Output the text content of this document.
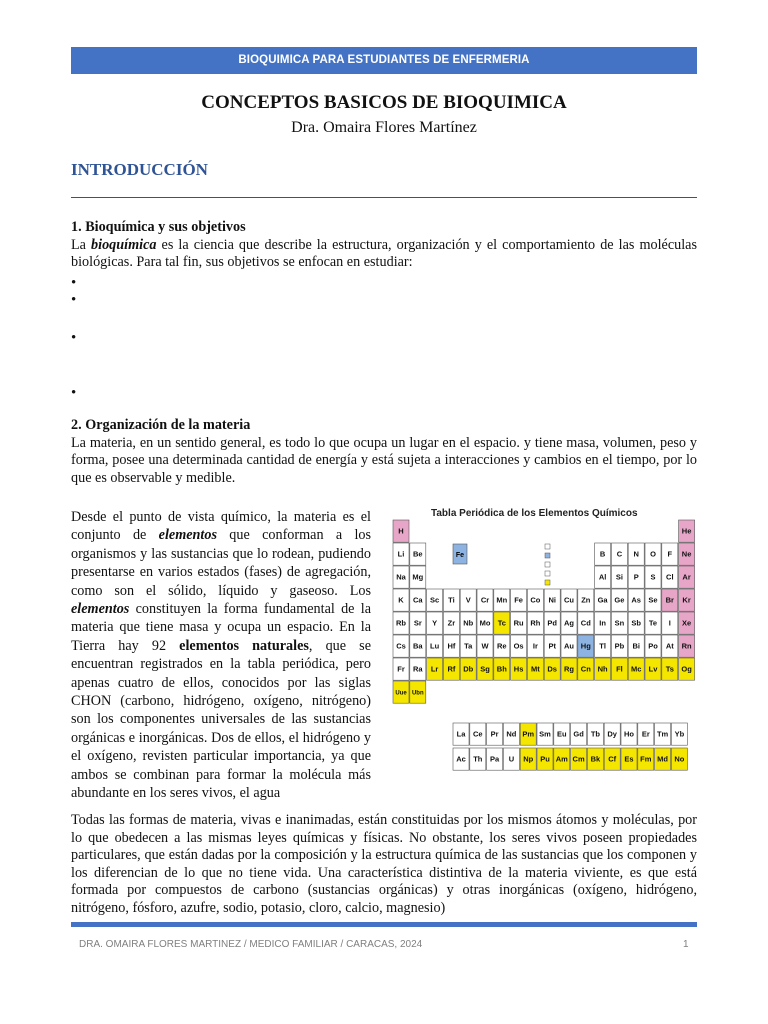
BIOQUIMICA PARA ESTUDIANTES DE ENFERMERIA
CONCEPTOS BASICOS DE BIOQUIMICA
Dra. Omaira Flores Martínez
INTRODUCCIÓN

1. Bioquímica y sus objetivos

La bioquímica es la ciencia que describe la estructura, organización y el comportamiento de las moléculas biológicas. Para tal fin, sus objetivos se enfocan en estudiar:

•
•
•
•

2. Organización de la materia

La materia, en un sentido general, es todo lo que ocupa un lugar en el espacio. y tiene masa, volumen, peso y forma, posee una determinada cantidad de energía y está sujeta a interacciones y cambios en el tiempo, por lo que es observable y medible.

Desde el punto de vista químico, la materia es el conjunto de elementos que conforman a los organismos y las sustancias que lo rodean, pudiendo presentarse en varios estados (fases) de agregación, como son el sólido, líquido y gaseoso. Los elementos constituyen la forma fundamental de la materia que tiene masa y ocupa un espacio. En la Tierra hay 92 elementos naturales, que se encuentran registrados en la tabla periódica, pero apenas cuatro de ellos, conocidos por las siglas CHON (carbono, hidrógeno, oxígeno, nitrógeno) son los componentes universales de las sustancias orgánicas e inorgánicas. Dos de ellos, el hidrógeno y el oxígeno, revisten particular importancia, ya que ambos se combinan para formar la molécula más abundante en los seres vivos, el agua

Tabla Periódica de los Elementos Químicos
H	He
Li Be	B C N O F Ne
Na Mg	Al Si P S Cl Ar
K Ca Sc Ti V Cr Mn Fe Co Ni Cu Zn Ga Ge As Se Br Kr
Rb Sr Y Zr Nb Mo Tc Ru Rh Pd Ag Cd In Sn Sb Te I Xe
Cs Ba Lu Hf Ta W Re Os Ir Pt Au Hg Tl Pb Bi Po At Rn
Fr Ra Lr Rf Db Sg Bh Hs Mt Ds Rg Cn Nh Fl Mc Lv Ts Og
Uue Ubn
Fe
La Ce Pr Nd Pm Sm Eu Gd Tb Dy Ho Er Tm Yb
Ac Th Pa U Np Pu Am Cm Bk Cf Es Fm Md No

Todas las formas de materia, vivas e inanimadas, están constituidas por los mismos átomos y moléculas, por lo que obedecen a las mismas leyes químicas y físicas. No obstante, los seres vivos poseen propiedades particulares, que están dadas por la composición y la estructura química de las sustancias que los componen y los diferencian de lo que no tiene vida. Una característica distintiva de la materia viviente, es que está formada por compuestos de carbono (sustancias orgánicas) y otras inorgánicas (oxígeno, hidrógeno, nitrógeno, fósforo, azufre, sodio, potasio, cloro, calcio, magnesio)

DRA. OMAIRA FLORES MARTINEZ / MEDICO FAMILIAR / CARACAS, 2024	1
